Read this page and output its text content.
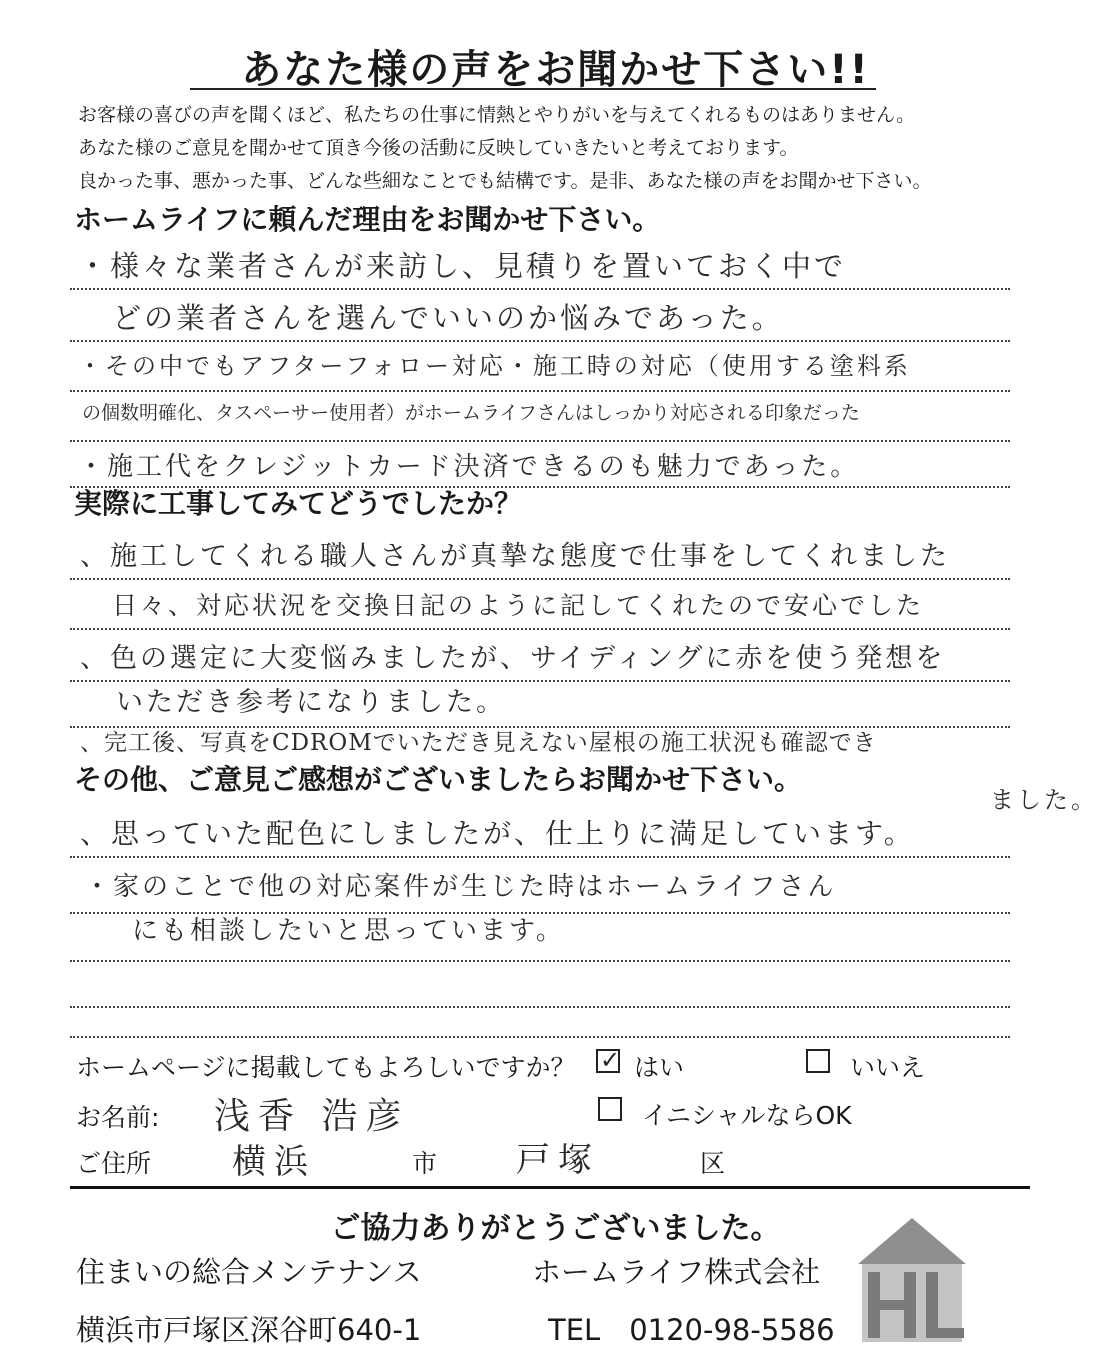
あなた様の声をお聞かせ下さい!!
お客様の喜びの声を聞くほど、私たちの仕事に情熱とやりがいを与えてくれるものはありません。
あなた様のご意見を聞かせて頂き今後の活動に反映していきたいと考えております。
良かった事、悪かった事、どんな些細なことでも結構です。是非、あなた様の声をお聞かせ下さい。
ホームライフに頼んだ理由をお聞かせ下さい。
・様々な業者さんが来訪し、見積りを置いておく中で
どの業者さんを選んでいいのか悩みであった。
・その中でもアフターフォロー対応・施工時の対応（使用する塗料系
の個数明確化、タスペーサー使用者）がホームライフさんはしっかり対応される印象だった
・施工代をクレジットカード決済できるのも魅力であった。
実際に工事してみてどうでしたか？
、施工してくれる職人さんが真摯な態度で仕事をしてくれました
日々、対応状況を交換日記のように記してくれたので安心でした
、色の選定に大変悩みましたが、サイディングに赤を使う発想を
いただき参考になりました。
、完工後、写真をCDROMでいただき見えない屋根の施工状況も確認でき
ました。
その他、ご意見ご感想がございましたらお聞かせ下さい。
、思っていた配色にしましたが、仕上りに満足しています。
・家のことで他の対応案件が生じた時はホームライフさん
にも相談したいと思っています。
ホームページに掲載してもよろしいですか？ ✓ はい	いいえ
お名前: 浅香 浩彦	イニシャルならOK
ご住所 横浜	市 戸塚	区
ご協力ありがとうございました。
住まいの総合メンテナンス	ホームライフ株式会社
横浜市戸塚区深谷町640-1	TEL　0120-98-5586
